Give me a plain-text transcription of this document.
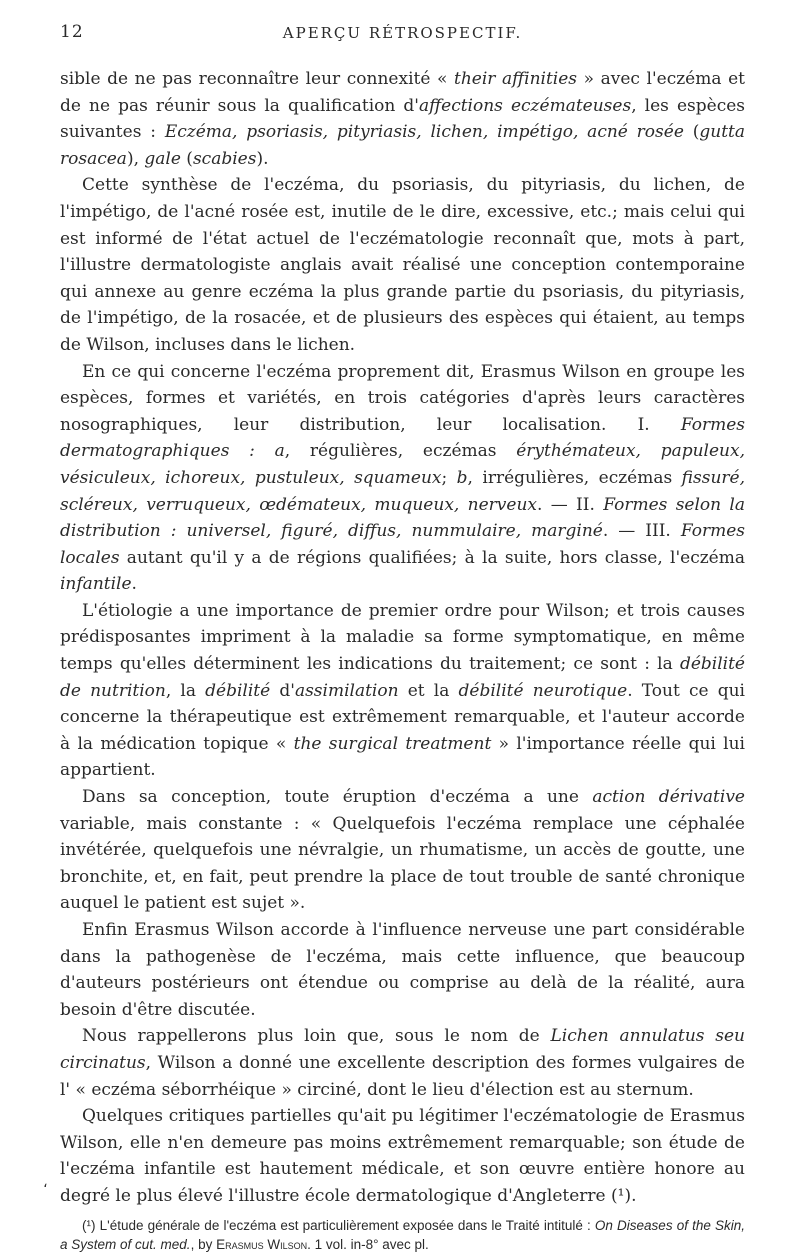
12	APERÇU RÉTROSPECTIF.

sible de ne pas reconnaître leur connexité « their affinities » avec l'eczéma et de ne pas réunir sous la qualification d'affections eczémateuses, les espèces suivantes : Eczéma, psoriasis, pityriasis, lichen, impétigo, acné rosée (gutta rosacea), gale (scabies).

Cette synthèse de l'eczéma, du psoriasis, du pityriasis, du lichen, de l'impétigo, de l'acné rosée est, inutile de le dire, excessive, etc.; mais celui qui est informé de l'état actuel de l'eczématologie reconnaît que, mots à part, l'illustre dermatologiste anglais avait réalisé une conception contemporaine qui annexe au genre eczéma la plus grande partie du psoriasis, du pityriasis, de l'impétigo, de la rosacée, et de plusieurs des espèces qui étaient, au temps de Wilson, incluses dans le lichen.

En ce qui concerne l'eczéma proprement dit, Erasmus Wilson en groupe les espèces, formes et variétés, en trois catégories d'après leurs caractères nosographiques, leur distribution, leur localisation. I. Formes dermatographiques : a, régulières, eczémas érythémateux, papuleux, vésiculeux, ichoreux, pustuleux, squameux; b, irrégulières, eczémas fissuré, scléreux, verruqueux, œdémateux, muqueux, nerveux. — II. Formes selon la distribution : universel, figuré, diffus, nummulaire, marginé. — III. Formes locales autant qu'il y a de régions qualifiées; à la suite, hors classe, l'eczéma infantile.

L'étiologie a une importance de premier ordre pour Wilson; et trois causes prédisposantes impriment à la maladie sa forme symptomatique, en même temps qu'elles déterminent les indications du traitement; ce sont : la débilité de nutrition, la débilité d'assimilation et la débilité neurotique. Tout ce qui concerne la thérapeutique est extrêmement remarquable, et l'auteur accorde à la médication topique « the surgical treatment » l'importance réelle qui lui appartient.

Dans sa conception, toute éruption d'eczéma a une action dérivative variable, mais constante : « Quelquefois l'eczéma remplace une céphalée invétérée, quelquefois une névralgie, un rhumatisme, un accès de goutte, une bronchite, et, en fait, peut prendre la place de tout trouble de santé chronique auquel le patient est sujet ».

Enfin Erasmus Wilson accorde à l'influence nerveuse une part considérable dans la pathogenèse de l'eczéma, mais cette influence, que beaucoup d'auteurs postérieurs ont étendue ou comprise au delà de la réalité, aura besoin d'être discutée.

Nous rappellerons plus loin que, sous le nom de Lichen annulatus seu circinatus, Wilson a donné une excellente description des formes vulgaires de l' « eczéma séborrhéique » circiné, dont le lieu d'élection est au sternum.

Quelques critiques partielles qu'ait pu légitimer l'eczématologie de Erasmus Wilson, elle n'en demeure pas moins extrêmement remarquable; son étude de l'eczéma infantile est hautement médicale, et son œuvre entière honore au degré le plus élevé l'illustre école dermatologique d'Angleterre (¹).

(¹) L'étude générale de l'eczéma est particulièrement exposée dans le Traité intitulé : On Diseases of the Skin, a System of cut. med., by Erasmus Wilson. 1 vol. in-8° avec pl.
،
